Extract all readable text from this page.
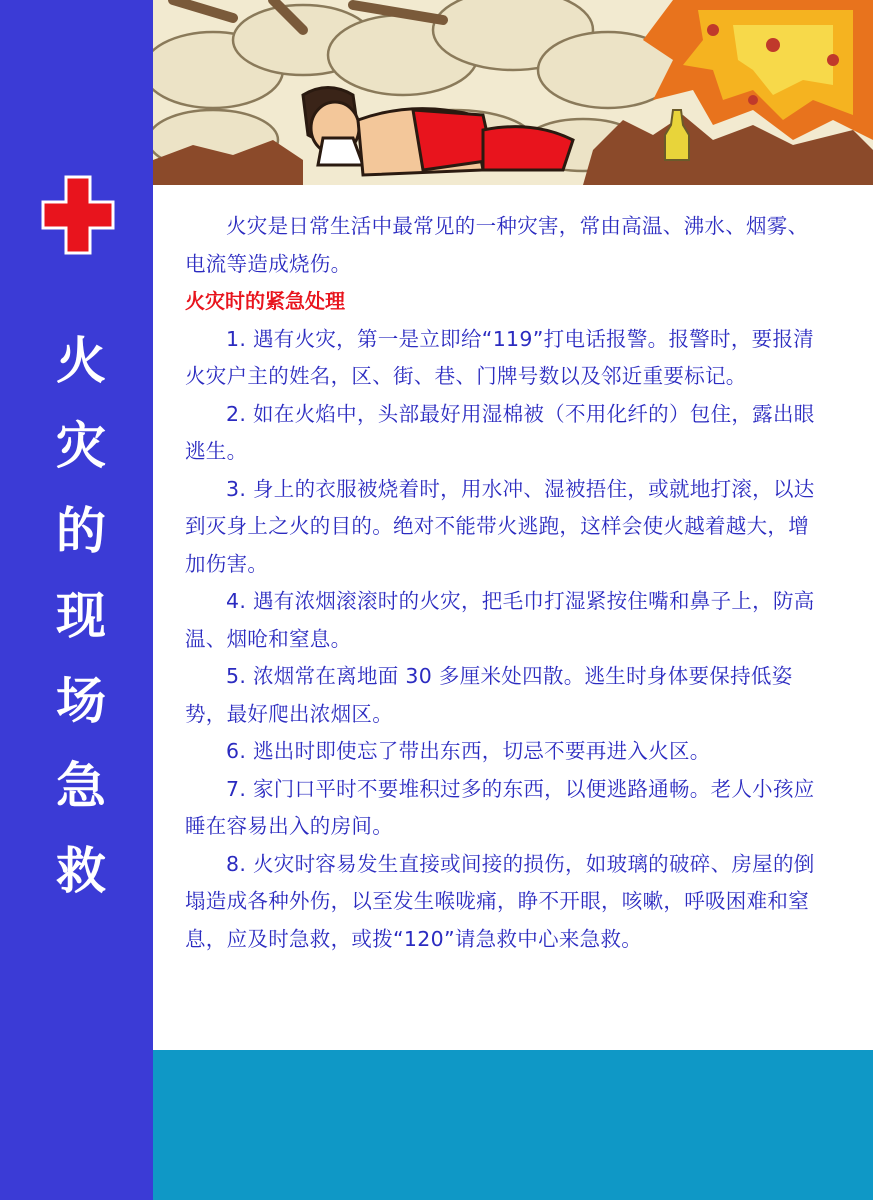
火
灾
的
现
场
急
救

火灾是日常生活中最常见的一种灾害，常由高温、沸水、烟雾、电流等造成烧伤。

火灾时的紧急处理

1. 遇有火灾，第一是立即给“119”打电话报警。报警时，要报清火灾户主的姓名，区、街、巷、门牌号数以及邻近重要标记。

2. 如在火焰中，头部最好用湿棉被（不用化纤的）包住，露出眼逃生。

3. 身上的衣服被烧着时，用水冲、湿被捂住，或就地打滚，以达到灭身上之火的目的。绝对不能带火逃跑，这样会使火越着越大，增加伤害。

4. 遇有浓烟滚滚时的火灾，把毛巾打湿紧按住嘴和鼻子上，防高温、烟呛和窒息。

5. 浓烟常在离地面 30 多厘米处四散。逃生时身体要保持低姿势，最好爬出浓烟区。

6. 逃出时即使忘了带出东西，切忌不要再进入火区。

7. 家门口平时不要堆积过多的东西，以便逃路通畅。老人小孩应睡在容易出入的房间。

8. 火灾时容易发生直接或间接的损伤，如玻璃的破碎、房屋的倒塌造成各种外伤，以至发生喉咙痛，睁不开眼，咳嗽，呼吸困难和窒息，应及时急救，或拨“120”请急救中心来急救。
